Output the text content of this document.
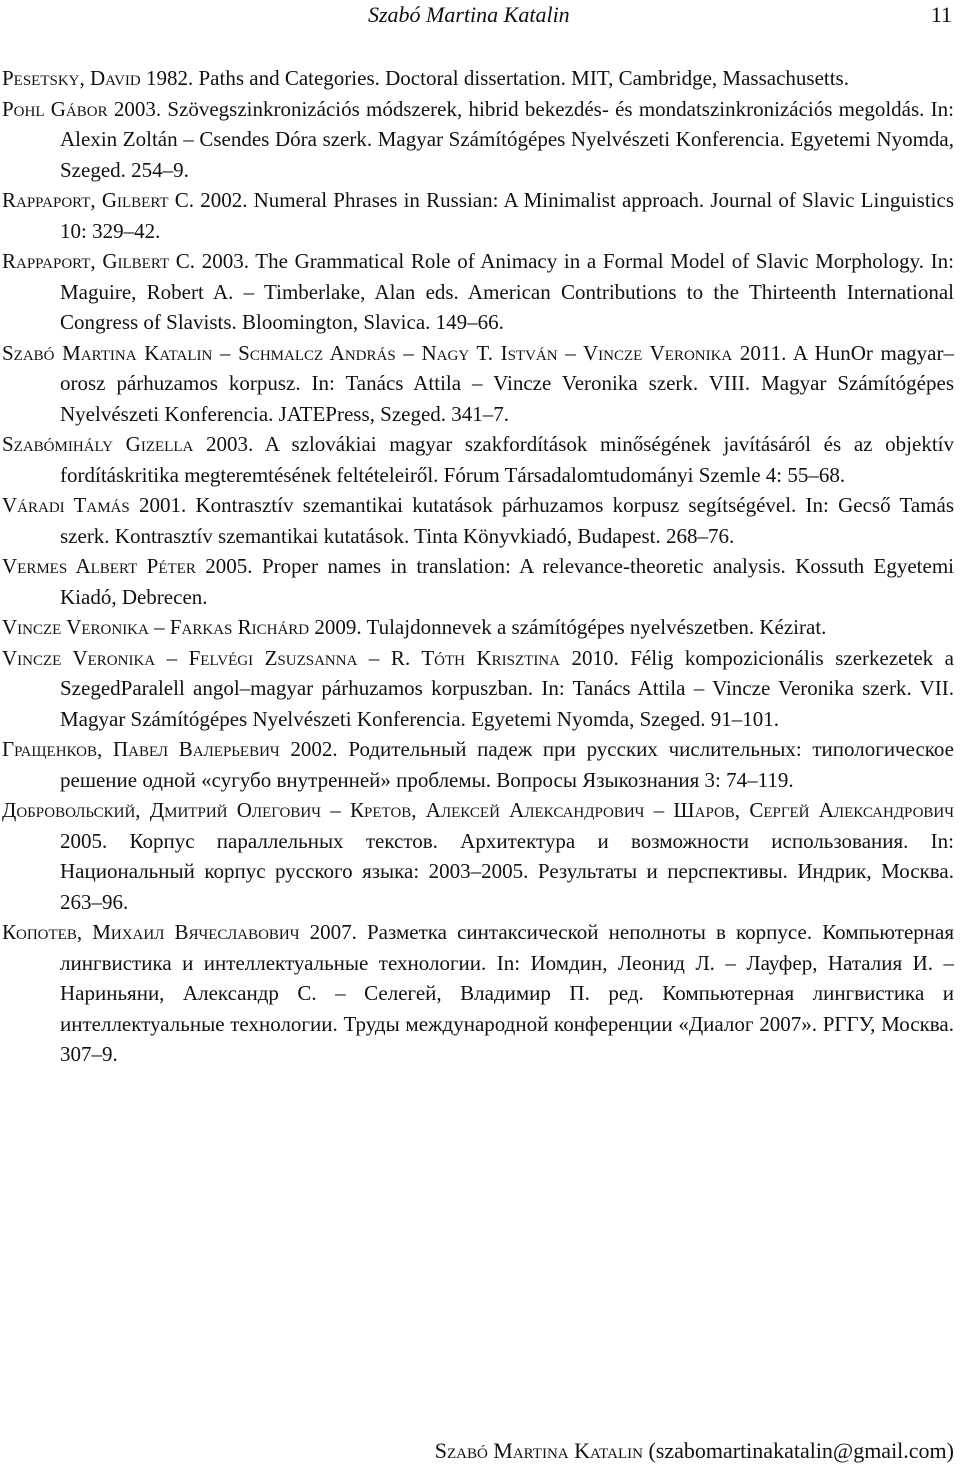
Szabó Martina Katalin	11

Pesetsky, David 1982. Paths and Categories. Doctoral dissertation. MIT, Cambridge, Massachusetts.

Pohl Gábor 2003. Szövegszinkronizációs módszerek, hibrid bekezdés- és mondatszinkronizációs megoldás. In: Alexin Zoltán – Csendes Dóra szerk. Magyar Számítógépes Nyelvészeti Konferencia. Egyetemi Nyomda, Szeged. 254–9.

Rappaport, Gilbert C. 2002. Numeral Phrases in Russian: A Minimalist approach. Journal of Slavic Linguistics 10: 329–42.

Rappaport, Gilbert C. 2003. The Grammatical Role of Animacy in a Formal Model of Slavic Morphology. In: Maguire, Robert A. – Timberlake, Alan eds. American Contributions to the Thirteenth International Congress of Slavists. Bloomington, Slavica. 149–66.

Szabó Martina Katalin – Schmalcz András – Nagy T. István – Vincze Veronika 2011. A HunOr magyar–orosz párhuzamos korpusz. In: Tanács Attila – Vincze Veronika szerk. VIII. Magyar Számítógépes Nyelvészeti Konferencia. JATEPress, Szeged. 341–7.

Szabómihály Gizella 2003. A szlovákiai magyar szakfordítások minőségének javításáról és az objektív fordításkritika megteremtésének feltételeiről. Fórum Társadalomtudományi Szemle 4: 55–68.

Váradi Tamás 2001. Kontrasztív szemantikai kutatások párhuzamos korpusz segítségével. In: Gecső Tamás szerk. Kontrasztív szemantikai kutatások. Tinta Könyvkiadó, Budapest. 268–76.

Vermes Albert Péter 2005. Proper names in translation: A relevance-theoretic analysis. Kossuth Egyetemi Kiadó, Debrecen.

Vincze Veronika – Farkas Richárd 2009. Tulajdonnevek a számítógépes nyelvészetben. Kézirat.

Vincze Veronika – Felvégi Zsuzsanna – R. Tóth Krisztina 2010. Félig kompozicionális szerkezetek a SzegedParalell angol–magyar párhuzamos korpuszban. In: Tanács Attila – Vincze Veronika szerk. VII. Magyar Számítógépes Nyelvészeti Konferencia. Egyetemi Nyomda, Szeged. 91–101.

Гращенков, Павел Валерьевич 2002. Родительный падеж при русских числительных: типологическое решение одной «сугубо внутренней» проблемы. Вопросы Языкознания 3: 74–119.

Добровольский, Дмитрий Олегович – Кретов, Алексей Александрович – Шаров, Сергей Александрович 2005. Корпус параллельных текстов. Архитектура и возможности использования. In: Национальный корпус русского языка: 2003–2005. Результаты и перспективы. Индрик, Москва. 263–96.

Копотев, Михаил Вячеславович 2007. Разметка синтаксической неполноты в корпусе. Компьютерная лингвистика и интеллектуальные технологии. In: Иомдин, Леонид Л. – Лауфер, Наталия И. – Нариньяни, Александр С. – Селегей, Владимир П. ред. Компьютерная лингвистика и интеллектуальные технологии. Труды международной конференции «Диалог 2007». РГГУ, Москва. 307–9.

Szabó Martina Katalin (szabomartinakatalin@gmail.com)
